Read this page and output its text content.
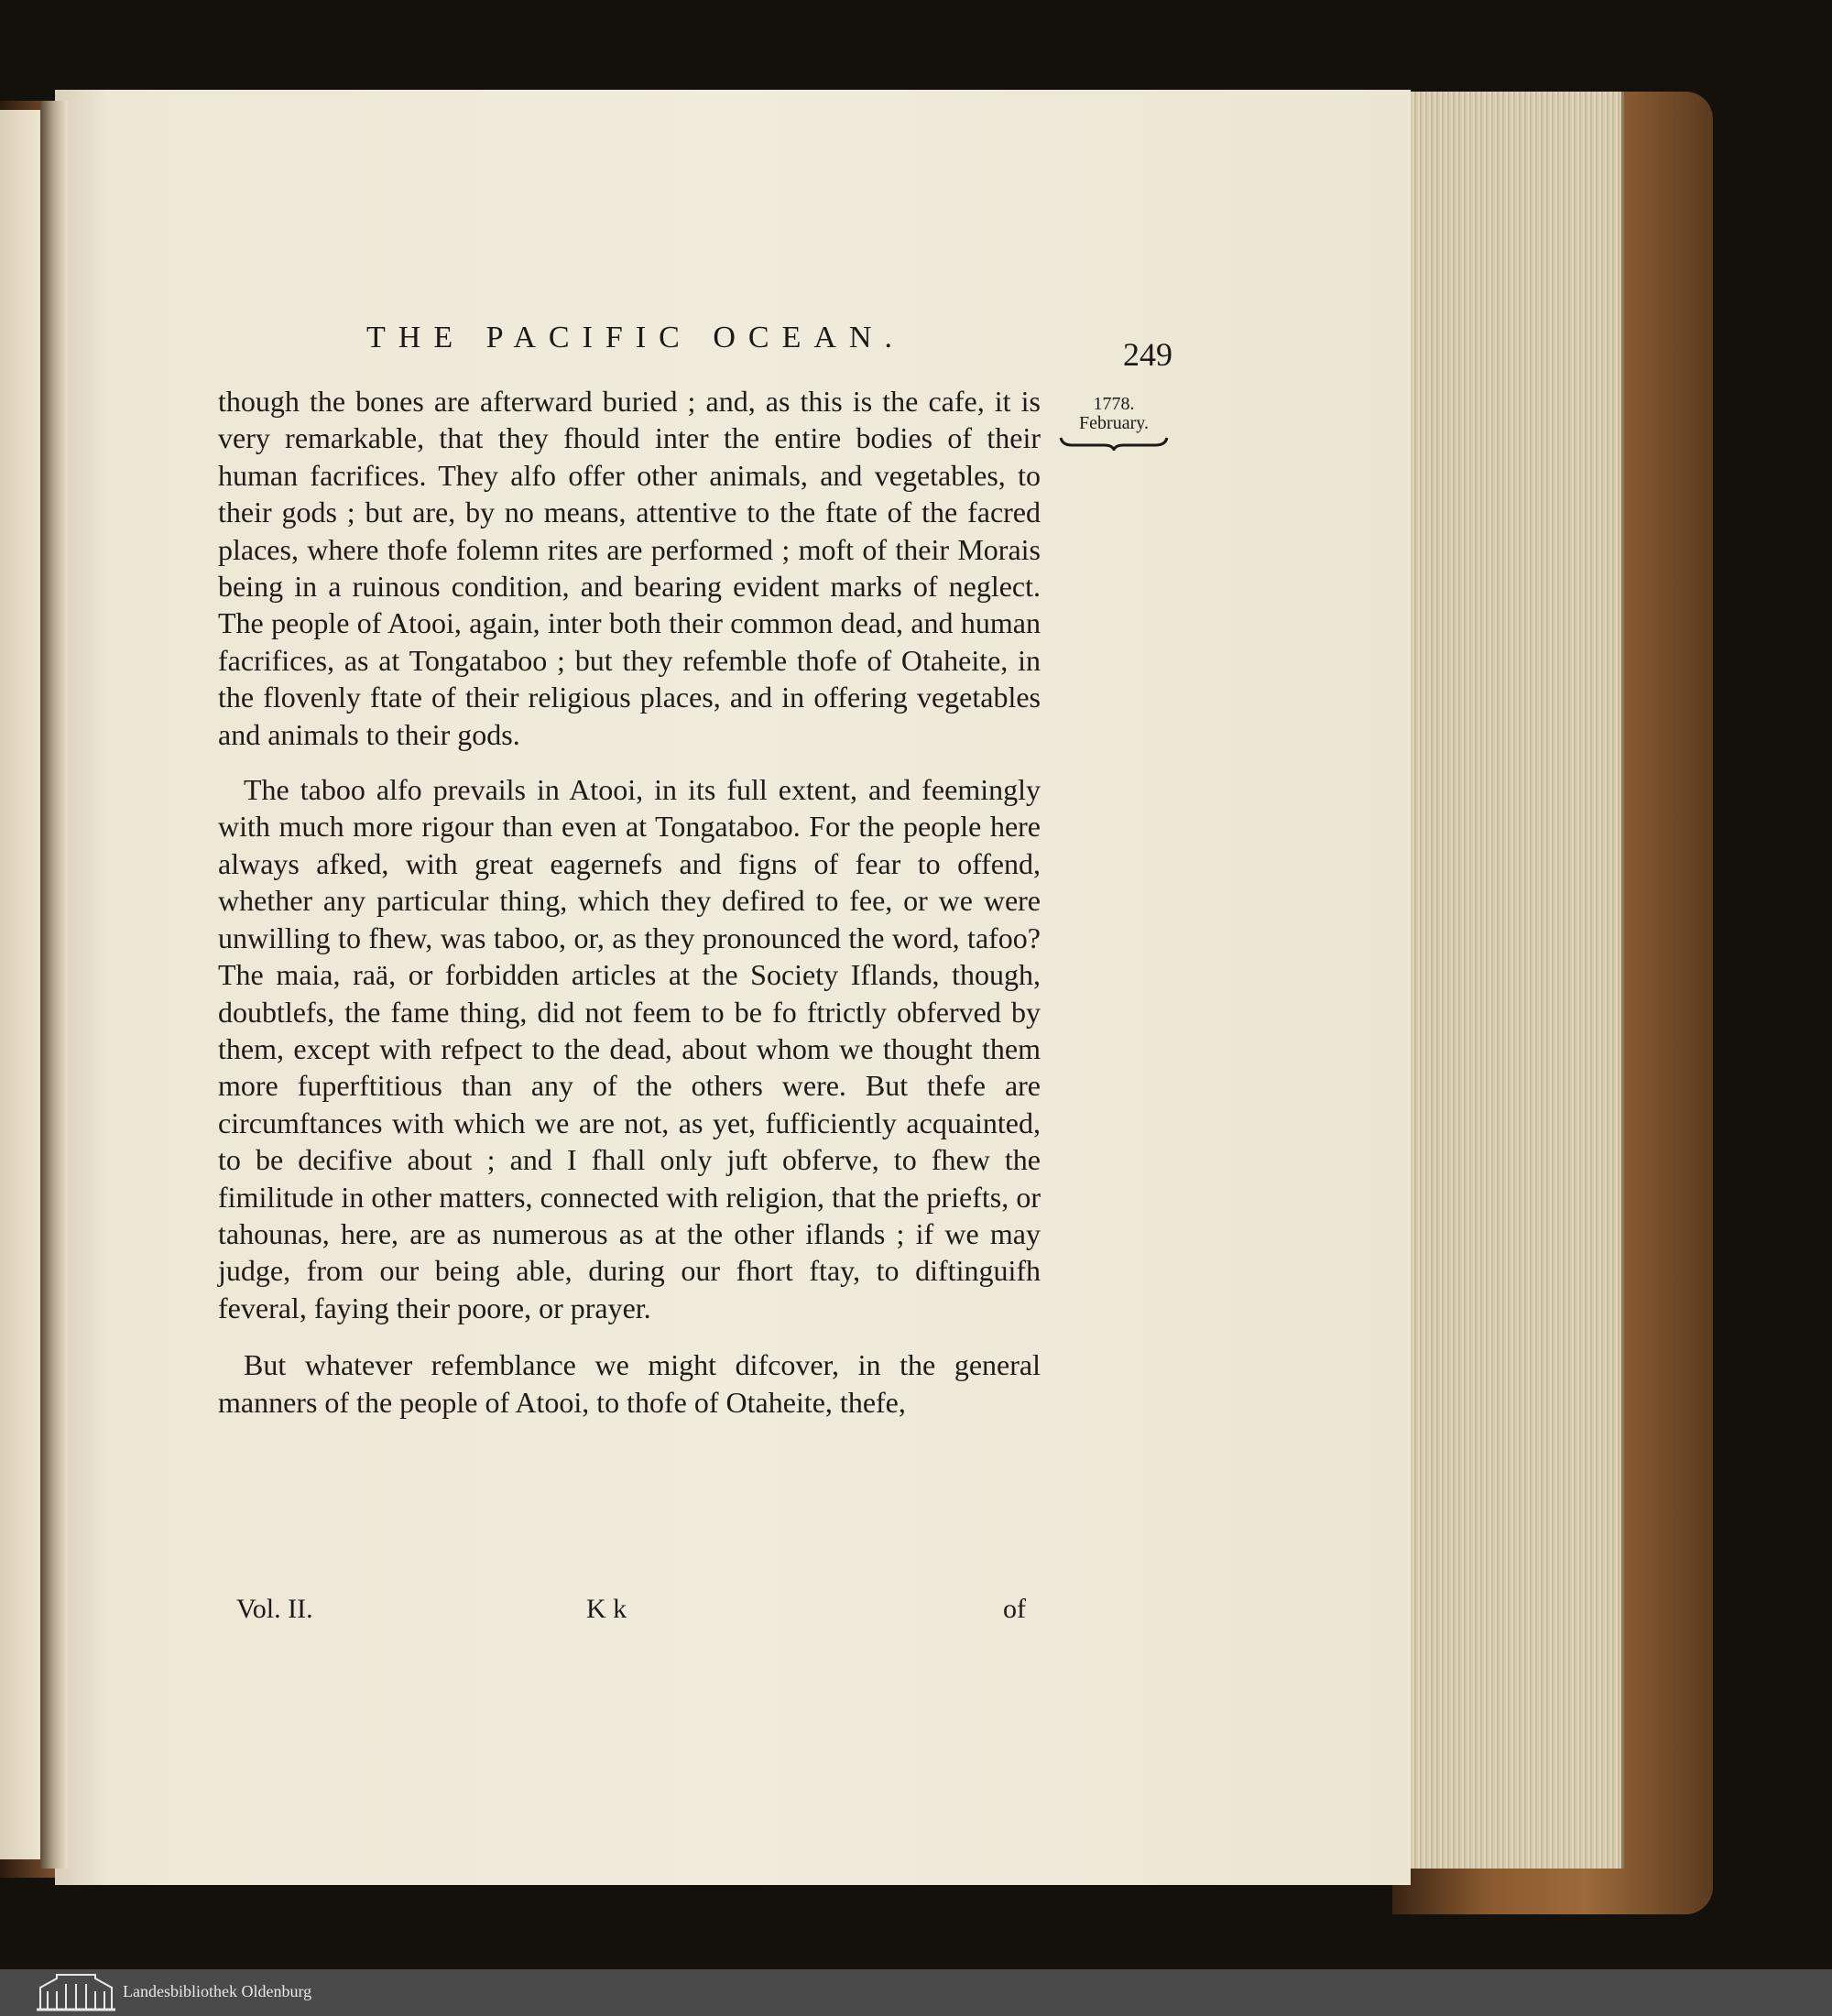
THE PACIFIC OCEAN.	249
1778.
February.

though the bones are afterward buried ; and, as this is the cafe, it is very remarkable, that they fhould inter the entire bodies of their human facrifices. They alfo offer other animals, and vegetables, to their gods ; but are, by no means, attentive to the ftate of the facred places, where thofe folemn rites are performed ; moft of their Morais being in a ruinous condition, and bearing evident marks of neglect. The people of Atooi, again, inter both their common dead, and human facrifices, as at Tongataboo ; but they refemble thofe of Otaheite, in the flovenly ftate of their religious places, and in offering vegetables and animals to their gods.

The taboo alfo prevails in Atooi, in its full extent, and feemingly with much more rigour than even at Tongataboo. For the people here always afked, with great eagernefs and figns of fear to offend, whether any particular thing, which they defired to fee, or we were unwilling to fhew, was taboo, or, as they pronounced the word, tafoo? The maia, raä, or forbidden articles at the Society Iflands, though, doubtlefs, the fame thing, did not feem to be fo ftrictly obferved by them, except with refpect to the dead, about whom we thought them more fuperftitious than any of the others were. But thefe are circumftances with which we are not, as yet, fufficiently acquainted, to be decifive about ; and I fhall only juft obferve, to fhew the fimilitude in other matters, connected with religion, that the priefts, or tahounas, here, are as numerous as at the other iflands ; if we may judge, from our being able, during our fhort ftay, to diftinguifh feveral, faying their poore, or prayer.

But whatever refemblance we might difcover, in the general manners of the people of Atooi, to thofe of Otaheite, thefe,

Vol. II.	K k	of
Landesbibliothek Oldenburg
